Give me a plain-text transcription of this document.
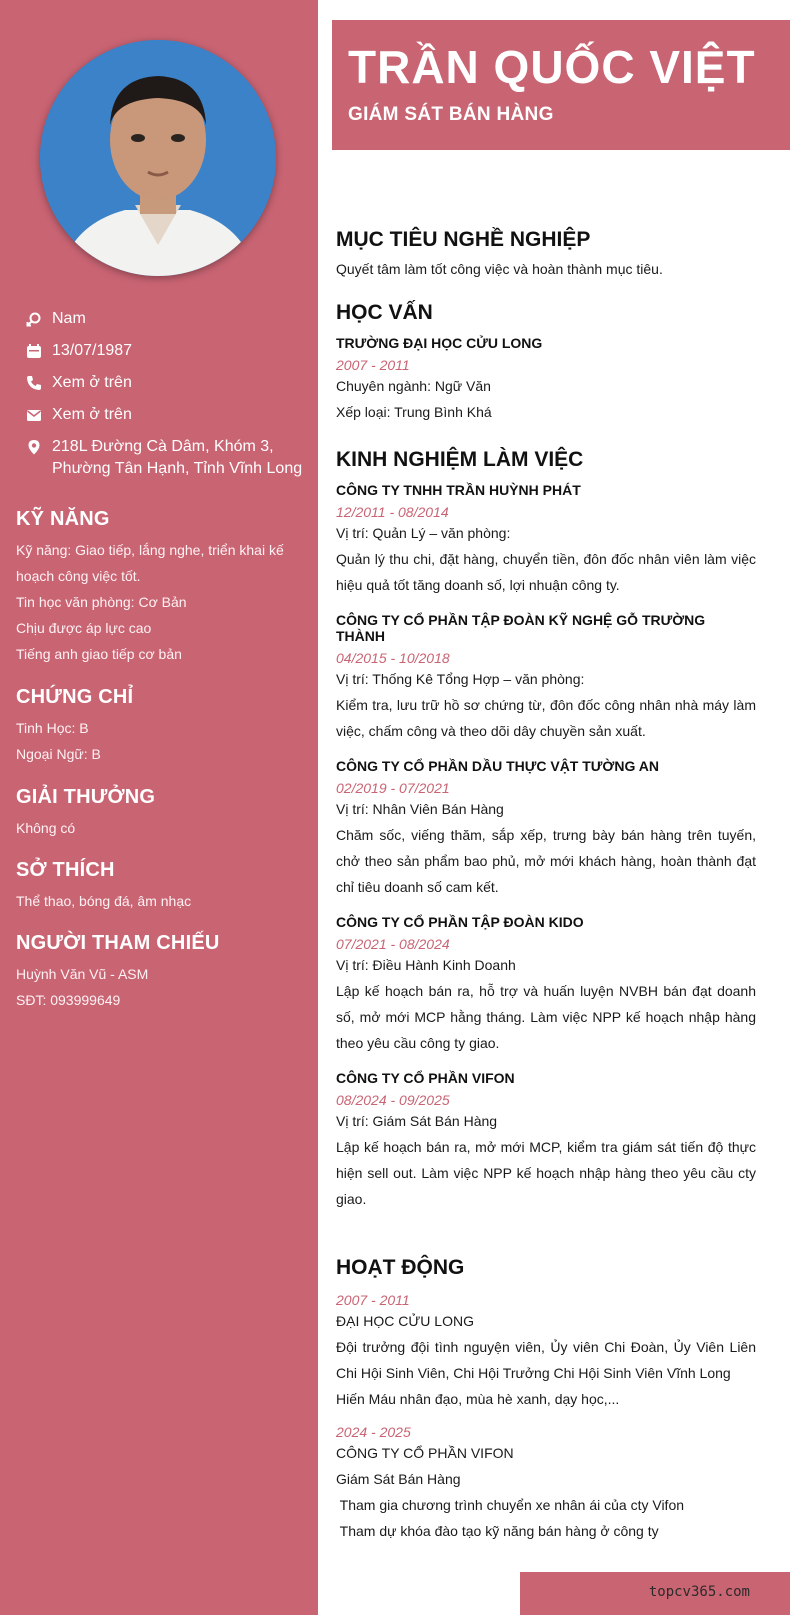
Nam
13/07/1987
Xem ở trên
Xem ở trên
218L Đường Cà Dâm, Khóm 3, Phường Tân Hạnh, Tỉnh Vĩnh Long
KỸ NĂNG
Kỹ năng: Giao tiếp, lắng nghe, triển khai kế hoạch công việc tốt.
Tin học văn phòng: Cơ Bản
Chịu được áp lực cao
Tiếng anh giao tiếp cơ bản
CHỨNG CHỈ
Tinh Học: B
Ngoại Ngữ: B
GIẢI THƯỞNG
Không có
SỞ THÍCH
Thể thao, bóng đá, âm nhạc
NGƯỜI THAM CHIẾU
Huỳnh Văn Vũ - ASM
SĐT: 093999649
TRẦN QUỐC VIỆT
GIÁM SÁT BÁN HÀNG
MỤC TIÊU NGHỀ NGHIỆP
Quyết tâm làm tốt công việc và hoàn thành mục tiêu.
HỌC VẤN
TRƯỜNG ĐẠI HỌC CỬU LONG
2007 - 2011
Chuyên ngành: Ngữ Văn
Xếp loại: Trung Bình Khá
KINH NGHIỆM LÀM VIỆC
CÔNG TY TNHH TRẦN HUỲNH PHÁT
12/2011 - 08/2014
Vị trí: Quản Lý – văn phòng:
Quản lý thu chi, đặt hàng, chuyển tiền, đôn đốc nhân viên làm việc hiệu quả tốt tăng doanh số, lợi nhuận công ty.
CÔNG TY CỔ PHẦN TẬP ĐOÀN KỸ NGHỆ GỖ TRƯỜNG THÀNH
04/2015 - 10/2018
Vị trí: Thống Kê Tổng Hợp – văn phòng:
Kiểm tra, lưu trữ hồ sơ chứng từ, đôn đốc công nhân nhà máy làm việc, chấm công và theo dõi dây chuyền sản xuất.
CÔNG TY CỔ PHẦN DẦU THỰC VẬT TƯỜNG AN
02/2019 - 07/2021
Vị trí: Nhân Viên Bán Hàng
Chăm sốc, viếng thăm, sắp xếp, trưng bày bán hàng trên tuyến, chở theo sản phẩm bao phủ, mở mới khách hàng, hoàn thành đạt chỉ tiêu doanh số cam kết.
CÔNG TY CỔ PHẦN TẬP ĐOÀN KIDO
07/2021 - 08/2024
Vị trí: Điều Hành Kinh Doanh
Lập kế hoạch bán ra, hỗ trợ và huấn luyện NVBH bán đạt doanh số, mở mới MCP hằng tháng. Làm việc NPP kế hoạch nhập hàng theo yêu cầu công ty giao.
CÔNG TY CỔ PHẦN VIFON
08/2024 - 09/2025
Vị trí: Giám Sát Bán Hàng
Lập kế hoạch bán ra, mở mới MCP, kiểm tra giám sát tiến độ thực hiện sell out. Làm việc NPP kế hoạch nhập hàng theo yêu cầu cty giao.
HOẠT ĐỘNG
2007 - 2011
ĐẠI HỌC CỬU LONG
Đội trưởng đội tình nguyện viên, Ủy viên Chi Đoàn, Ủy Viên Liên Chi Hội Sinh Viên, Chi Hội Trưởng Chi Hội Sinh Viên Vĩnh Long
Hiến Máu nhân đạo, mùa hè xanh, dạy học,...
2024 - 2025
CÔNG TY CỔ PHẦN VIFON
Giám Sát Bán Hàng
Tham gia chương trình chuyển xe nhân ái của cty Vifon
Tham dự khóa đào tạo kỹ năng bán hàng ở công ty
topcv365.com
